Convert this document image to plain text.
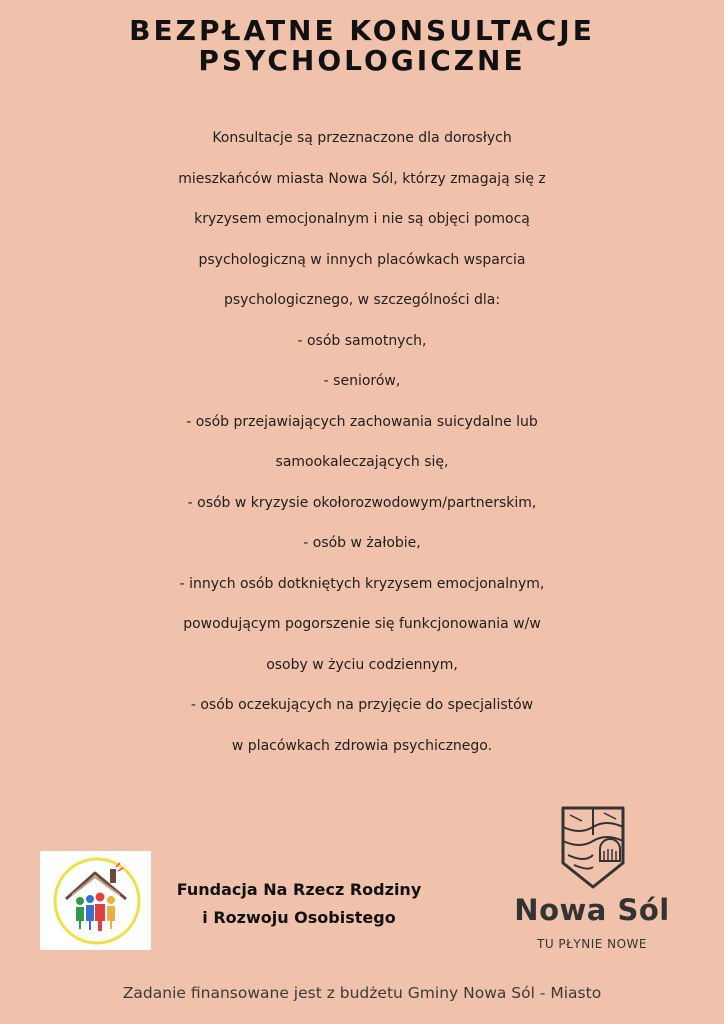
BEZPŁATNE KONSULTACJE
PSYCHOLOGICZNE
Konsultacje są przeznaczone dla dorosłych
mieszkańców miasta Nowa Sól, którzy zmagają się z
kryzysem emocjonalnym i nie są objęci pomocą
psychologiczną w innych placówkach wsparcia
psychologicznego, w szczególności dla:
- osób samotnych,
- seniorów,
- osób przejawiających zachowania suicydalne lub
samookaleczających się,
- osób w kryzysie okołorozwodowym/partnerskim,
- osób w żałobie,
- innych osób dotkniętych kryzysem emocjonalnym,
powodującym pogorszenie się funkcjonowania w/w
osoby w życiu codziennym,
- osób oczekujących na przyjęcie do specjalistów
w placówkach zdrowia psychicznego.
Fundacja Na Rzecz Rodziny
i Rozwoju Osobistego	Nowa Sól
TU PŁYNIE NOWE
Zadanie finansowane jest z budżetu Gminy Nowa Sól - Miasto
